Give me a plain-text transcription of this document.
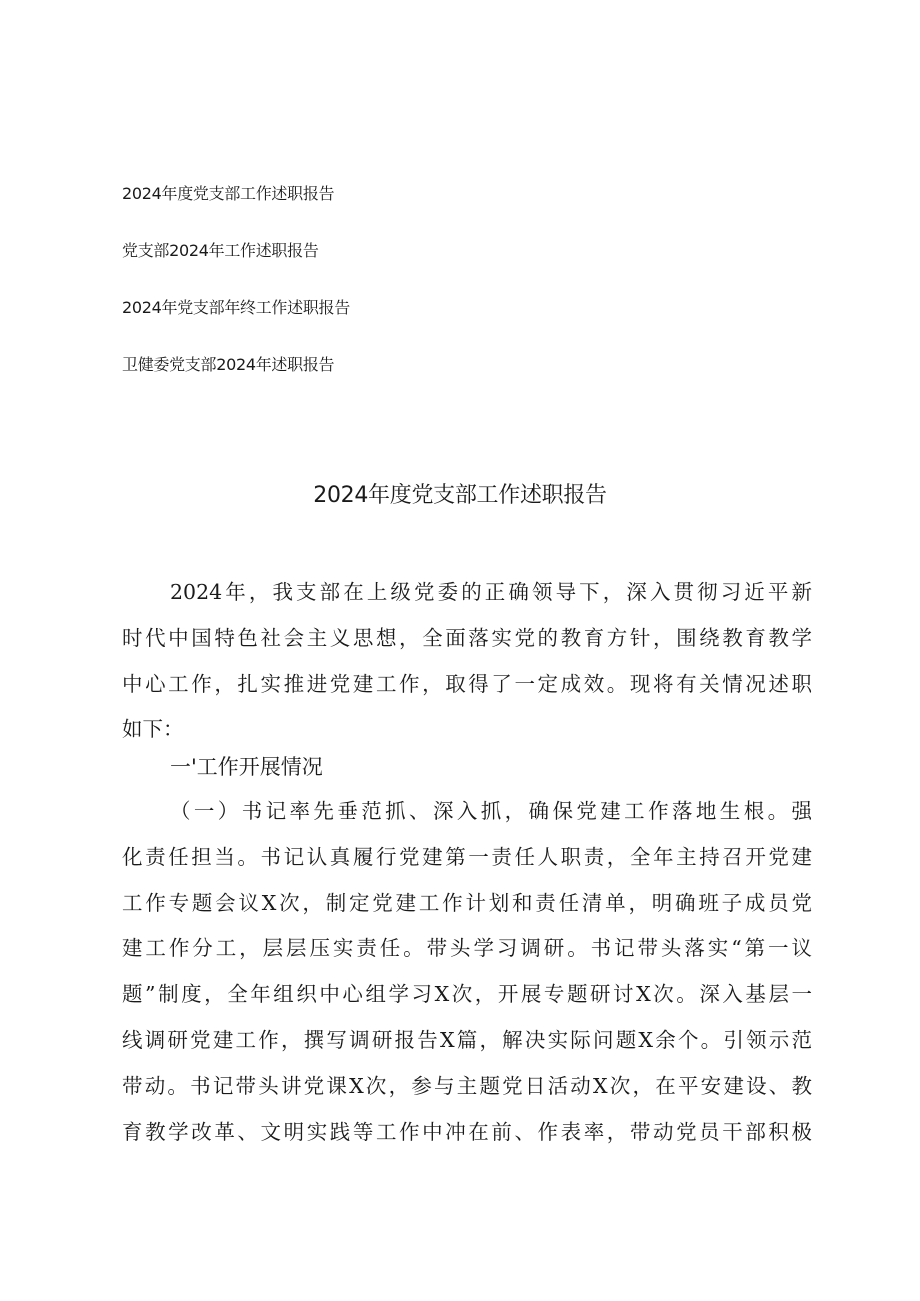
2024年度党支部工作述职报告
党支部2024年工作述职报告
2024年党支部年终工作述职报告
卫健委党支部2024年述职报告
2024年度党支部工作述职报告
2024年，我支部在上级党委的正确领导下，深入贯彻习近平新
时代中国特色社会主义思想，全面落实党的教育方针，围绕教育教学
中心工作，扎实推进党建工作，取得了一定成效。现将有关情况述职
如下：
一'工作开展情况
（一）书记率先垂范抓、深入抓，确保党建工作落地生根。强
化责任担当。书记认真履行党建第一责任人职责，全年主持召开党建
工作专题会议X次，制定党建工作计划和责任清单，明确班子成员党
建工作分工，层层压实责任。带头学习调研。书记带头落实“第一议
题”制度，全年组织中心组学习X次，开展专题研讨X次。深入基层一
线调研党建工作，撰写调研报告X篇，解决实际问题X余个。引领示范
带动。书记带头讲党课X次，参与主题党日活动X次，在平安建设、教
育教学改革、文明实践等工作中冲在前、作表率，带动党员干部积极
